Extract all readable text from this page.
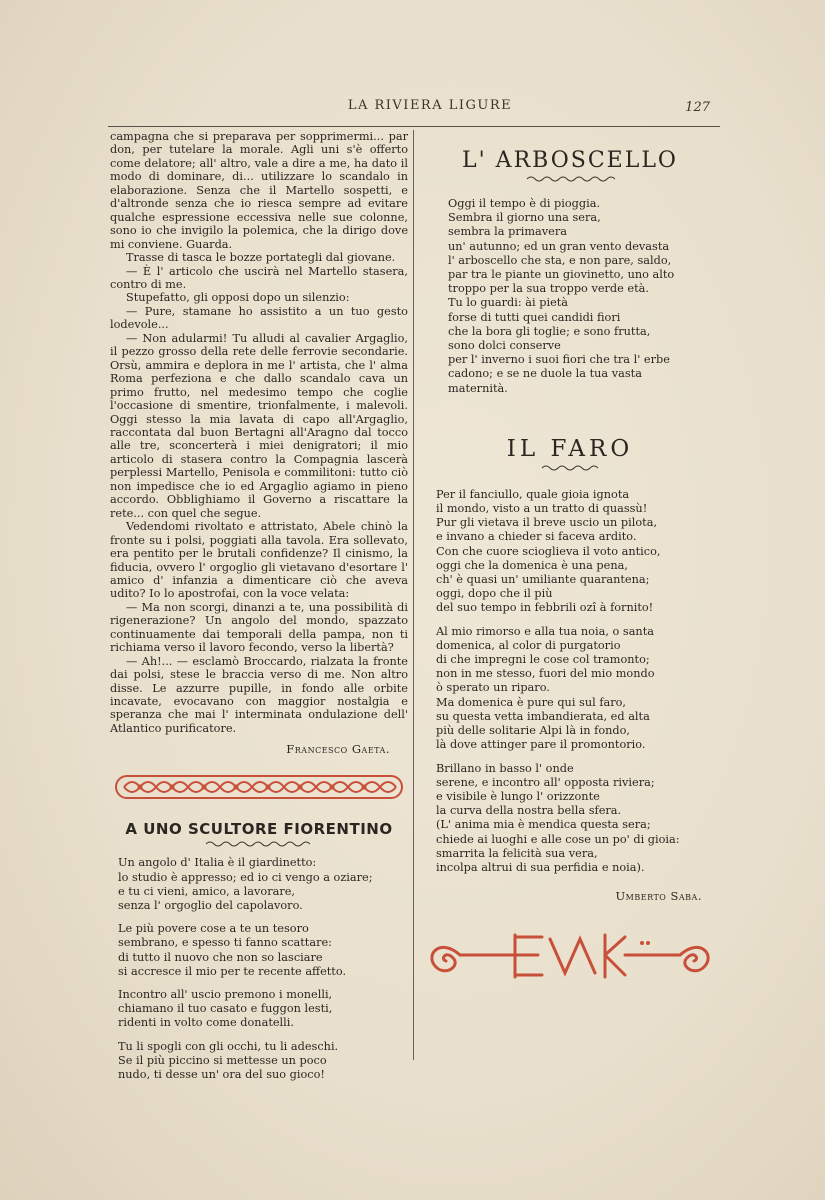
LA RIVIERA LIGURE	127

campagna che si preparava per sopprimermi... par don, per tutelare la morale. Agli uni s'è offerto come delatore; all' altro, vale a dire a me, ha dato il modo di dominare, di... utilizzare lo scandalo in elaborazione. Senza che il Martello sospetti, e d'altronde senza che io riesca sempre ad evitare qualche espressione eccessiva nelle sue colonne, sono io che invigilo la polemica, che la dirigo dove mi conviene. Guarda.

Trasse di tasca le bozze portategli dal giovane.

— È l' articolo che uscirà nel Martello stasera, contro di me.

Stupefatto, gli opposi dopo un silenzio:

— Pure, stamane ho assistito a un tuo gesto lodevole...

— Non adularmi! Tu alludi al cavalier Argaglio, il pezzo grosso della rete delle ferrovie secondarie. Orsù, ammira e deplora in me l' artista, che l' alma Roma perfeziona e che dallo scandalo cava un primo frutto, nel medesimo tempo che coglie l'occasione di smentire, trionfalmente, i malevoli. Oggi stesso la mia lavata di capo all'Argaglio, raccontata dal buon Bertagni all'Aragno dal tocco alle tre, sconcerterà i miei denigratori; il mio articolo di stasera contro la Compagnia lascerà perplessi Martello, Penisola e commilitoni: tutto ciò non impedisce che io ed Argaglio agiamo in pieno accordo. Obblighiamo il Governo a riscattare la rete... con quel che segue.

Vedendomi rivoltato e attristato, Abele chinò la fronte su i polsi, poggiati alla tavola. Era sollevato, era pentito per le brutali confidenze? Il cinismo, la fiducia, ovvero l' orgoglio gli vietavano d'esortare l' amico d' infanzia a dimenticare ciò che aveva udito? Io lo apostrofai, con la voce velata:

— Ma non scorgi, dinanzi a te, una possibilità di rigenerazione? Un angolo del mondo, spazzato continuamente dai temporali della pampa, non ti richiama verso il lavoro fecondo, verso la libertà?

— Ah!... — esclamò Broccardo, rialzata la fronte dai polsi, stese le braccia verso di me. Non altro disse. Le azzurre pupille, in fondo alle orbite incavate, evocavano con maggior nostalgia e speranza che mai l' interminata ondulazione dell' Atlantico purificatore.

Francesco Gaeta.
A UNO SCULTORE FIORENTINO
Un angolo d' Italia è il giardinetto:
lo studio è appresso; ed io ci vengo a oziare;
e tu ci vieni, amico, a lavorare,
senza l' orgoglio del capolavoro.
Le più povere cose a te un tesoro
sembrano, e spesso ti fanno scattare:
di tutto il nuovo che non so lasciare
si accresce il mio per te recente affetto.
Incontro all' uscio premono i monelli,
chiamano il tuo casato e fuggon lesti,
ridenti in volto come donatelli.
Tu li spogli con gli occhi, tu li adeschi.
Se il più piccino si mettesse un poco
nudo, ti desse un' ora del suo gioco!
L' ARBOSCELLO
Oggi il tempo è di pioggia.
Sembra il giorno una sera,
sembra la primavera
un' autunno; ed un gran vento devasta
l' arboscello che sta, e non pare, saldo,
par tra le piante un giovinetto, uno alto
troppo per la sua troppo verde età.
Tu lo guardi: ài pietà
forse di tutti quei candidi fiori
che la bora gli toglie; e sono frutta,
sono dolci conserve
per l' inverno i suoi fiori che tra l' erbe
cadono; e se ne duole la tua vasta
maternità.
IL FARO
Per il fanciullo, quale gioia ignota
il mondo, visto a un tratto di quassù!
Pur gli vietava il breve uscio un pilota,
e invano a chieder si faceva ardito.
Con che cuore scioglieva il voto antico,
oggi che la domenica è una pena,
ch' è quasi un' umiliante quarantena;
oggi, dopo che il più
del suo tempo in febbrili ozî à fornito!
Al mio rimorso e alla tua noia, o santa
domenica, al color di purgatorio
di che impregni le cose col tramonto;
non in me stesso, fuori del mio mondo
ò sperato un riparo.
Ma domenica è pure qui sul faro,
su questa vetta imbandierata, ed alta
più delle solitarie Alpi là in fondo,
là dove attinger pare il promontorio.
Brillano in basso l' onde
serene, e incontro all' opposta riviera;
e visibile è lungo l' orizzonte
la curva della nostra bella sfera.
(L' anima mia è mendica questa sera;
chiede ai luoghi e alle cose un po' di gioia:
smarrita la felicità sua vera,
incolpa altrui di sua perfidia e noia).
Umberto Saba.
